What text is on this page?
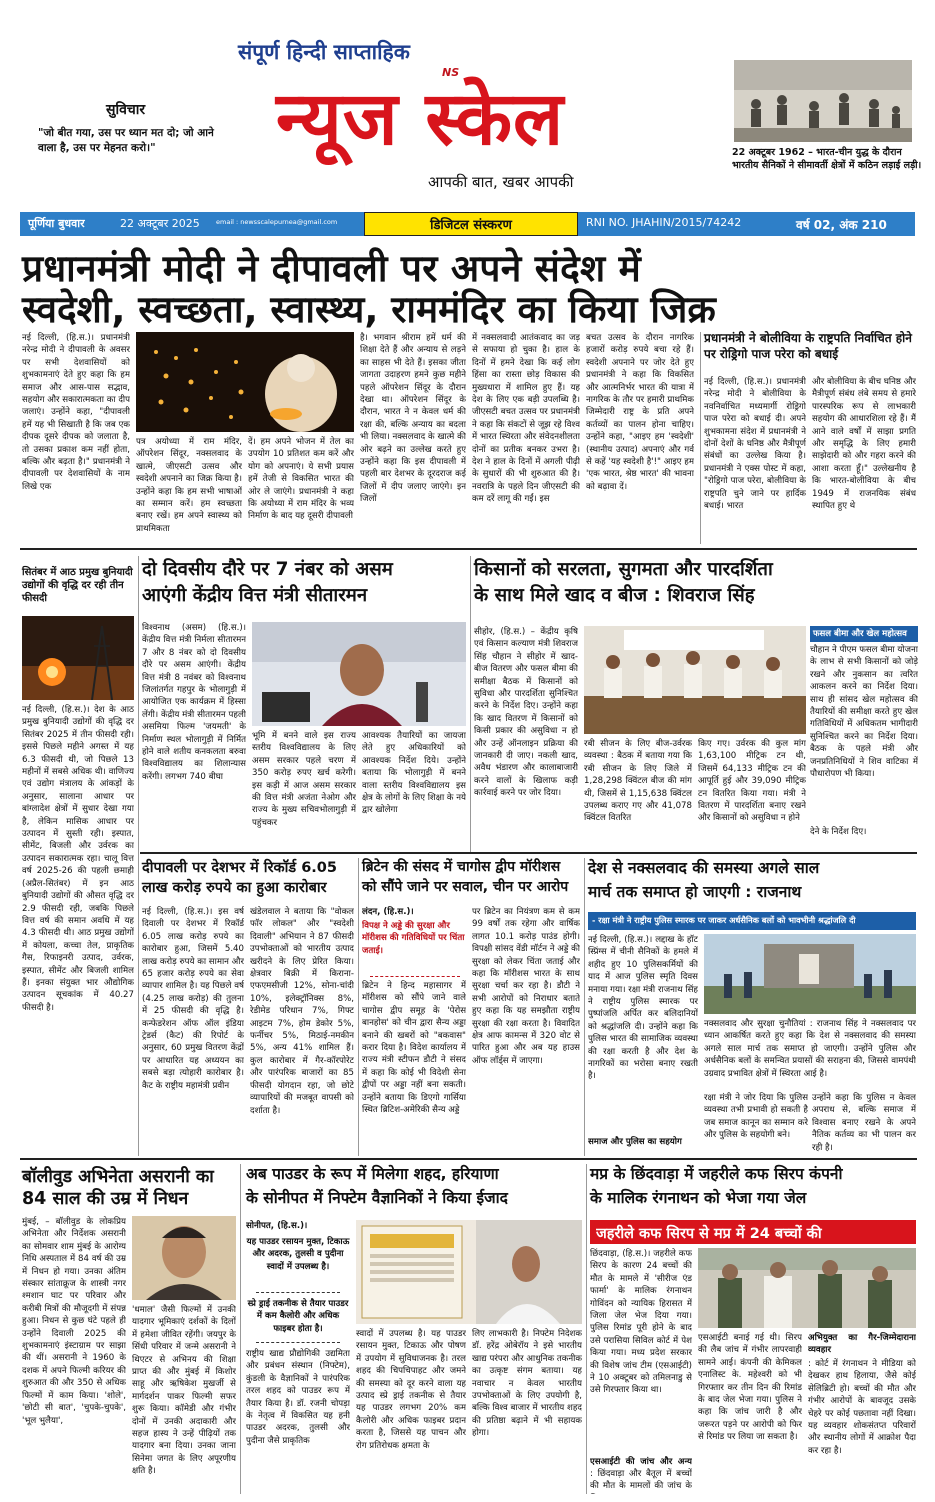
संपूर्ण हिन्दी साप्ताहिक
NS
न्यूज स्केल
आपकी बात, खबर आपकी
सुविचार
"जो बीत गया, उस पर ध्यान मत दो; जो आने वाला है, उस पर मेहनत करो।"	22 अक्टूबर 1962 – भारत-चीन युद्ध के दौरान भारतीय सैनिकों ने सीमावर्ती क्षेत्रों में कठिन लड़ाई लड़ी।
पूर्णिया बुधवार	22 अक्टूबर 2025	email : newsscalepurnea@gmail.com	डिजिटल संस्करण	RNI NO. JHAHIN/2015/74242	वर्ष 02, अंक 210
प्रधानमंत्री मोदी ने दीपावली पर अपने संदेश में
स्वदेशी, स्वच्छता, स्वास्थ्य, राममंदिर का किया जिक्र
नई दिल्ली, (हि.स.)। प्रधानमंत्री नरेन्द्र मोदी ने दीपावली के अवसर पर सभी देशवासियों को शुभकामनाएं देते हुए कहा कि हम समाज और आस-पास सद्भाव, सहयोग और सकारात्मकता का दीप जलाएं। उन्होंने कहा, "दीपावली हमें यह भी सिखाती है कि जब एक दीपक दूसरे दीपक को जलाता है, तो उसका प्रकाश कम नहीं होता, बल्कि और बढ़ता है।" प्रधानमंत्री ने दीपावली पर देशवासियों के नाम लिखे एक
पत्र अयोध्या में राम मंदिर, ऑपरेशन सिंदूर, नक्सलवाद के खात्मे, जीएसटी उत्सव और स्वदेशी अपनाने का जिक्र किया है। उन्होंने कहा कि हम सभी भाषाओं का सम्मान करें। हम स्वच्छता बनाए रखें। हम अपने स्वास्थ्य को प्राथमिकता
दें। हम अपने भोजन में तेल का उपयोग 10 प्रतिशत कम करें और योग को अपनाएं। ये सभी प्रयास हमें तेजी से विकसित भारत की ओर ले जाएंगे। प्रधानमंत्री ने कहा कि अयोध्या में राम मंदिर के भव्य निर्माण के बाद यह दूसरी दीपावली
है। भगवान श्रीराम हमें धर्म की शिक्षा देते हैं और अन्याय से लड़ने का साहस भी देते हैं। इसका जीता जागता उदाहरण हमने कुछ महीने पहले ऑपरेशन सिंदूर के दौरान देखा था। ऑपरेशन सिंदूर के दौरान, भारत ने न केवल धर्म की रक्षा की, बल्कि अन्याय का बदला भी लिया। नक्सलवाद के खात्मे की ओर बढ़ने का उल्लेख करते हुए उन्होंने कहा कि इस दीपावली में पहली बार देशभर के दूरदराज कई जिलों में दीप जलाए जाएंगे। इन जिलों
में नक्सलवादी आतंकवाद का जड़ से सफाया हो चुका है। हाल के दिनों में हमने देखा कि कई लोग हिंसा का रास्ता छोड़ विकास की मुख्यधारा में शामिल हुए हैं। यह देश के लिए एक बड़ी उपलब्धि है। जीएसटी बचत उत्सव पर प्रधानमंत्री ने कहा कि संकटों से जूझ रहे विश्व में भारत स्थिरता और संवेदनशीलता दोनों का प्रतीक बनकर उभरा है। देश ने हाल के दिनों में अगली पीढ़ी के सुधारों की भी शुरुआत की है। नवरात्रि के पहले दिन जीएसटी की कम दरें लागू की गईं। इस
बचत उत्सव के दौरान नागरिक हजारों करोड़ रुपये बचा रहे हैं। स्वदेशी अपनाने पर जोर देते हुए प्रधानमंत्री ने कहा कि विकसित और आत्मनिर्भर भारत की यात्रा में नागरिक के तौर पर हमारी प्राथमिक जिम्मेदारी राष्ट्र के प्रति अपने कर्तव्यों का पालन होना चाहिए। उन्होंने कहा, "आइए हम 'स्वदेशी' (स्थानीय उत्पाद) अपनाएं और गर्व से कहें 'यह स्वदेशी है'!" आइए हम 'एक भारत, श्रेष्ठ भारत' की भावना को बढ़ावा दें।
प्रधानमंत्री ने बोलीविया के राष्ट्रपति निर्वाचित होने पर रोड्रिगो पाज परेरा को बधाई
नई दिल्ली, (हि.स.)। प्रधानमंत्री नरेन्द्र मोदी ने बोलीविया के नवनिर्वाचित मध्यमार्गी रोड्रिगो पाज परेरा को बधाई दी। अपने शुभकामना संदेश में प्रधानमंत्री ने दोनों देशों के घनिष्ठ और मैत्रीपूर्ण संबंधों का उल्लेख किया है। प्रधानमंत्री ने एक्स पोस्ट में कहा, "रोड्रिगो पाज परेरा, बोलीविया के राष्ट्रपति चुने जाने पर हार्दिक बधाई। भारत
और बोलीविया के बीच घनिष्ठ और मैत्रीपूर्ण संबंध लंबे समय से हमारे पारस्परिक रूप से लाभकारी सहयोग की आधारशिला रहे हैं। मैं आने वाले वर्षों में साझा प्रगति और समृद्धि के लिए हमारी साझेदारी को और गहरा करने की आशा करता हूँ।" उल्लेखनीय है कि भारत-बोलीविया के बीच 1949 में राजनयिक संबंध स्थापित हुए थे
सितंबर में आठ प्रमुख बुनियादी उद्योगों की वृद्धि दर रही तीन फीसदी
नई दिल्ली, (हि.स.)। देश के आठ प्रमुख बुनियादी उद्योगों की वृद्धि दर सितंबर 2025 में तीन फीसदी रही। इससे पिछले महीने अगस्त में यह 6.3 फीसदी थी, जो पिछले 13 महीनों में सबसे अधिक थी। वाणिज्य एवं उद्योग मंत्रालय के आंकड़ों के अनुसार, सालाना आधार पर बांग्लादेश क्षेत्रों में सुधार देखा गया है, लेकिन मासिक आधार पर उत्पादन में सुस्ती रही। इस्पात, सीमेंट, बिजली और उर्वरक का उत्पादन सकारात्मक रहा। चालू वित्त वर्ष 2025-26 की पहली छमाही (अप्रैल-सितंबर) में इन आठ बुनियादी उद्योगों की औसत वृद्धि दर 2.9 फीसदी रही, जबकि पिछले वित्त वर्ष की समान अवधि में यह 4.3 फीसदी थी। आठ प्रमुख उद्योगों में कोयला, कच्चा तेल, प्राकृतिक गैस, रिफाइनरी उत्पाद, उर्वरक, इस्पात, सीमेंट और बिजली शामिल हैं। इनका संयुक्त भार औद्योगिक उत्पादन सूचकांक में 40.27 फीसदी है।
दो दिवसीय दौरे पर 7 नंबर को असम
आएंगी केंद्रीय वित्त मंत्री सीतारमन
विश्वनाथ (असम) (हि.स.)। केंद्रीय वित्त मंत्री निर्मला सीतारमन 7 और 8 नंबर को दो दिवसीय दौरे पर असम आएंगी। केंद्रीय वित्त मंत्री 8 नवंबर को विश्वनाथ जिलांतर्गत गहपुर के भोलागुड़ी में आयोजित एक कार्यक्रम में हिस्सा लेंगी। केंद्रीय मंत्री सीतारमन पहली असमिया फिल्म 'जयमती' के निर्माण स्थल भोलागुड़ी में निर्मित होने वाले शतीय कनकलता बरुवा विश्वविद्यालय का शिलान्यास करेंगी। लगभग 740 बीघा
भूमि में बनने वाले इस राज्य स्तरीय विश्वविद्यालय के लिए असम सरकार पहले चरण में 350 करोड़ रुपए खर्च करेगी। इस कड़ी में आज असम सरकार की वित्त मंत्री अजंता नेओग और राज्य के मुख्य सचिवभोलागुड़ी में पहुंचकर
आवश्यक तैयारियों का जायजा लेते हुए अधिकारियों को आवश्यक निर्देश दिये। उन्होंने बताया कि भोलागुड़ी में बनने वाला स्तरीय विश्वविद्यालय इस क्षेत्र के लोगों के लिए शिक्षा के नये द्वार खोलेगा
किसानों को सरलता, सुगमता और पारदर्शिता
के साथ मिले खाद व बीज : शिवराज सिंह
सीहोर, (हि.स.) – केंद्रीय कृषि एवं किसान कल्याण मंत्री शिवराज सिंह चौहान ने सीहोर में खाद-बीज वितरण और फसल बीमा की समीक्षा बैठक में किसानों को सुविधा और पारदर्शिता सुनिश्चित करने के निर्देश दिए। उन्होंने कहा कि खाद वितरण में किसानों को किसी प्रकार की असुविधा न हो और उन्हें ऑनलाइन प्रक्रिया की जानकारी दी जाए। नकली खाद, अवैध भंडारण और कालाबाजारी करने वालों के खिलाफ कड़ी कार्रवाई करने पर जोर दिया।
रबी सीजन के लिए बीज-उर्वरक व्यवस्था : बैठक में बताया गया कि रबी सीजन के लिए जिले में 1,28,298 क्विंटल बीज की मांग थी, जिसमें से 1,15,638 क्विंटल उपलब्ध कराए गए और 41,078 क्विंटल वितरित
किए गए। उर्वरक की कुल मांग 1,63,100 मीट्रिक टन थी, जिसमें 64,133 मीट्रिक टन की आपूर्ति हुई और 39,090 मीट्रिक टन वितरित किया गया। मंत्री ने वितरण में पारदर्शिता बनाए रखने और किसानों को असुविधा न होने
फसल बीमा और खेल महोत्सव
चौहान ने पीएम फसल बीमा योजना के लाभ से सभी किसानों को जोड़े रखने और नुकसान का त्वरित आकलन करने का निर्देश दिया। साथ ही सांसद खेल महोत्सव की तैयारियों की समीक्षा करते हुए खेल गतिविधियों में अधिकतम भागीदारी सुनिश्चित करने का निर्देश दिया। बैठक के पहले मंत्री और जनप्रतिनिधियों ने शिव वाटिका में पौधारोपण भी किया।
देने के निर्देश दिए।
दीपावली पर देशभर में रिकॉर्ड 6.05
लाख करोड़ रुपये का हुआ कारोबार
नई दिल्ली, (हि.स.)। इस वर्ष दिवाली पर देशभर में रिकॉर्ड 6.05 लाख करोड़ रुपये का कारोबार हुआ, जिसमें 5.40 लाख करोड़ रुपये का सामान और 65 हजार करोड़ रुपये का सेवा व्यापार शामिल है। यह पिछले वर्ष (4.25 लाख करोड़) की तुलना में 25 फीसदी की वृद्धि है। कन्फेडरेशन ऑफ ऑल इंडिया ट्रेडर्स (कैट) की रिपोर्ट के अनुसार, 60 प्रमुख वितरण केंद्रों पर आधारित यह अध्ययन का सबसे बड़ा त्योहारी कारोबार है। कैट के राष्ट्रीय महामंत्री प्रवीन
खंडेलवाल ने बताया कि "वोकल फॉर लोकल" और "स्वदेशी दिवाली" अभियान ने 87 फीसदी उपभोक्ताओं को भारतीय उत्पाद खरीदने के लिए प्रेरित किया। क्षेत्रवार बिक्री में किराना-एफएमसीजी 12%, सोना-चांदी 10%, इलेक्ट्रॉनिक्स 8%, रेडीमेड परिधान 7%, गिफ्ट आइटम 7%, होम डेकोर 5%, फर्नीचर 5%, मिठाई-नमकीन 5%, अन्य 41% शामिल हैं। कुल कारोबार में गैर-कॉरपोरेट और पारंपरिक बाजारों का 85 फीसदी योगदान रहा, जो छोटे व्यापारियों की मजबूत वापसी को दर्शाता है।
ब्रिटेन की संसद में चागोस द्वीप मॉरीशस
को सौंपे जाने पर सवाल, चीन पर आरोप
लंदन, (हि.स.)।
विपक्ष ने अड्डे की सुरक्षा और मॉरीशस की गतिविधियों पर चिंता जताई।
ब्रिटेन ने हिन्द महासागर में मॉरीशस को सौंपे जाने वाले चागोस द्वीप समूह के 'पेरोस बानहोस' को चीन द्वारा सैन्य अड्डा बनाने की खबरों को "बकवास" करार दिया है। विदेश कार्यालय में राज्य मंत्री स्टीफन डौटी ने संसद में कहा कि कोई भी विदेशी सेना द्वीपों पर अड्डा नहीं बना सकती। उन्होंने बताया कि डिएगो गार्सिया स्थित ब्रिटिश-अमेरिकी सैन्य अड्डे
पर ब्रिटेन का नियंत्रण कम से कम 99 वर्षों तक रहेगा और वार्षिक लागत 10.1 करोड़ पाउंड होगी। विपक्षी सांसद वेंडी मॉर्टन ने अड्डे की सुरक्षा को लेकर चिंता जताई और कहा कि मॉरीशस भारत के साथ सुरक्षा चर्चा कर रहा है। डौटी ने सभी आरोपों को निराधार बताते हुए कहा कि यह समझौता राष्ट्रीय सुरक्षा की रक्षा करता है। विवादित क्षेत्र आफ कामन्स में 320 वोट से पारित हुआ और अब यह हाउस ऑफ लॉर्ड्स में जाएगा।
देश से नक्सलवाद की समस्या अगले साल
मार्च तक समाप्त हो जाएगी : राजनाथ
- रक्षा मंत्री ने राष्ट्रीय पुलिस स्मारक पर जाकर अर्धसैनिक बलों को भावभीनी श्रद्धांजलि दी
नई दिल्ली, (हि.स.)। लद्दाख के हॉट स्प्रिंग्स में चीनी सैनिकों के हमले में शहीद हुए 10 पुलिसकर्मियों की याद में आज पुलिस स्मृति दिवस मनाया गया। रक्षा मंत्री राजनाथ सिंह ने राष्ट्रीय पुलिस स्मारक पर पुष्पांजलि अर्पित कर बलिदानियों को श्रद्धांजलि दी। उन्होंने कहा कि पुलिस भारत की सामाजिक व्यवस्था की रक्षा करती है और देश के नागरिकों का भरोसा बनाए रखती है।
समाज और पुलिस का सहयोग
नक्सलवाद और सुरक्षा चुनौतियां : राजनाथ सिंह ने नक्सलवाद पर ध्यान आकर्षित करते हुए कहा कि देश से नक्सलवाद की समस्या अगले साल मार्च तक समाप्त हो जाएगी। उन्होंने पुलिस और अर्धसैनिक बलों के समन्वित प्रयासों की सराहना की, जिससे वामपंथी उग्रवाद प्रभावित क्षेत्रों में स्थिरता आई है।
रक्षा मंत्री ने जोर दिया कि पुलिस व्यवस्था तभी प्रभावी हो सकती है जब समाज कानून का सम्मान करे और पुलिस के सहयोगी बने।
उन्होंने कहा कि पुलिस न केवल अपराध से, बल्कि समाज में विश्वास बनाए रखने के अपने नैतिक कर्तव्य का भी पालन कर रही है।
बॉलीवुड अभिनेता असरानी का 84 साल की उम्र में निधन
मुंबई, – बॉलीवुड के लोकप्रिय अभिनेता और निर्देशक असरानी का सोमवार शाम मुंबई के आरोग्य निधि अस्पताल में 84 वर्ष की उम्र में निधन हो गया। उनका अंतिम संस्कार सांताक्रूज के शास्त्री नगर श्मशान घाट पर परिवार और करीबी मित्रों की मौजूदगी में संपन्न हुआ। निधन से कुछ घंटे पहले ही उन्होंने दिवाली 2025 की शुभकामनाएं इंस्टाग्राम पर साझा की थीं। असरानी ने 1960 के दशक में अपने फिल्मी करियर की शुरुआत की और 350 से अधिक फिल्मों में काम किया। 'शोले', 'छोटी सी बात', 'चुपके-चुपके', 'भूल भुलैया',
'धमाल' जैसी फिल्मों में उनकी यादगार भूमिकाएं दर्शकों के दिलों में हमेशा जीवित रहेंगी। जयपुर के सिंधी परिवार में जन्मे असरानी ने थिएटर से अभिनय की शिक्षा प्राप्त की और मुंबई में किशोर साहू और ऋषिकेश मुखर्जी से मार्गदर्शन पाकर फिल्मी सफर शुरू किया। कॉमेडी और गंभीर दोनों में उनकी अदाकारी और सहज हास्य ने उन्हें पीढ़ियों तक यादगार बना दिया। उनका जाना सिनेमा जगत के लिए अपूरणीय क्षति है।
अब पाउडर के रूप में मिलेगा शहद, हरियाणा
के सोनीपत में निफ्टेम वैज्ञानिकों ने किया ईजाद
सोनीपत, (हि.स.)।
यह पाउडर रसायन मुक्त, टिकाऊ और अदरक, तुलसी व पुदीना स्वादों में उपलब्ध है।
स्प्रे ड्राई तकनीक से तैयार पाउडर में कम कैलोरी और अधिक फाइबर होता है।
राष्ट्रीय खाद्य प्रौद्योगिकी उद्यमिता और प्रबंधन संस्थान (निफ्टेम), कुंडली के वैज्ञानिकों ने पारंपरिक तरल शहद को पाउडर रूप में तैयार किया है। डॉ. रजनी चोपड़ा के नेतृत्व में विकसित यह हनी पाउडर अदरक, तुलसी और पुदीना जैसे प्राकृतिक
स्वादों में उपलब्ध है। यह पाउडर रसायन मुक्त, टिकाऊ और पोषण में उपयोग में सुविधाजनक है। तरल शहद की चिपचिपाहट और जमने की समस्या को दूर करने वाला यह उत्पाद स्प्रे ड्राई तकनीक से तैयार यह पाउडर लगभग 20% कम कैलोरी और अधिक फाइबर प्रदान करता है, जिससे यह पाचन और रोग प्रतिरोधक क्षमता के
लिए लाभकारी है। निफ्टेम निदेशक डॉ. हरेंद्र ओबेरॉय ने इसे भारतीय खाद्य परंपरा और आधुनिक तकनीक का उत्कृष्ट संगम बताया। यह नवाचार न केवल भारतीय उपभोक्ताओं के लिए उपयोगी है, बल्कि विश्व बाजार में भारतीय शहद की प्रतिष्ठा बढ़ाने में भी सहायक होगा।
मप्र के छिंदवाड़ा में जहरीले कफ सिरप कंपनी
के मालिक रंगनाथन को भेजा गया जेल
जहरीले कफ सिरप से मप्र में 24 बच्चों की
छिंदवाड़ा, (हि.स.)। जहरीले कफ सिरप के कारण 24 बच्चों की मौत के मामले में 'सीरीज एंड फार्मा' के मालिक रंगनाथन गोविंदन को न्यायिक हिरासत में जिला जेल भेज दिया गया। पुलिस रिमांड पूरी होने के बाद उसे परासिया सिविल कोर्ट में पेश किया गया। मध्य प्रदेश सरकार की विशेष जांच टीम (एसआईटी) ने 10 अक्टूबर को तमिलनाडु से उसे गिरफ्तार किया था।
एसआईटी की जांच और अन्य
: छिंदवाड़ा और बैतूल में बच्चों की मौत के मामलों की जांच के
एसआईटी बनाई गई थी। सिरप की लैब जांच में गंभीर लापरवाही सामने आई। कंपनी की केमिकल एनालिस्ट के. महेश्वरी को भी गिरफ्तार कर तीन दिन की रिमांड के बाद जेल भेजा गया। पुलिस ने कहा कि जांच जारी है और जरूरत पड़ने पर आरोपी को फिर से रिमांड पर लिया जा सकता है।
अभियुक्त का गैर-जिम्मेदाराना व्यवहार
: कोर्ट में रंगनाथन ने मीडिया को देखकर हाथ हिलाया, जैसे कोई सेलिब्रिटी हो। बच्चों की मौत और गंभीर आरोपों के बावजूद उसके चेहरे पर कोई पछतावा नहीं दिखा। यह व्यवहार शोकसंतप्त परिवारों और स्थानीय लोगों में आक्रोश पैदा कर रहा है।
